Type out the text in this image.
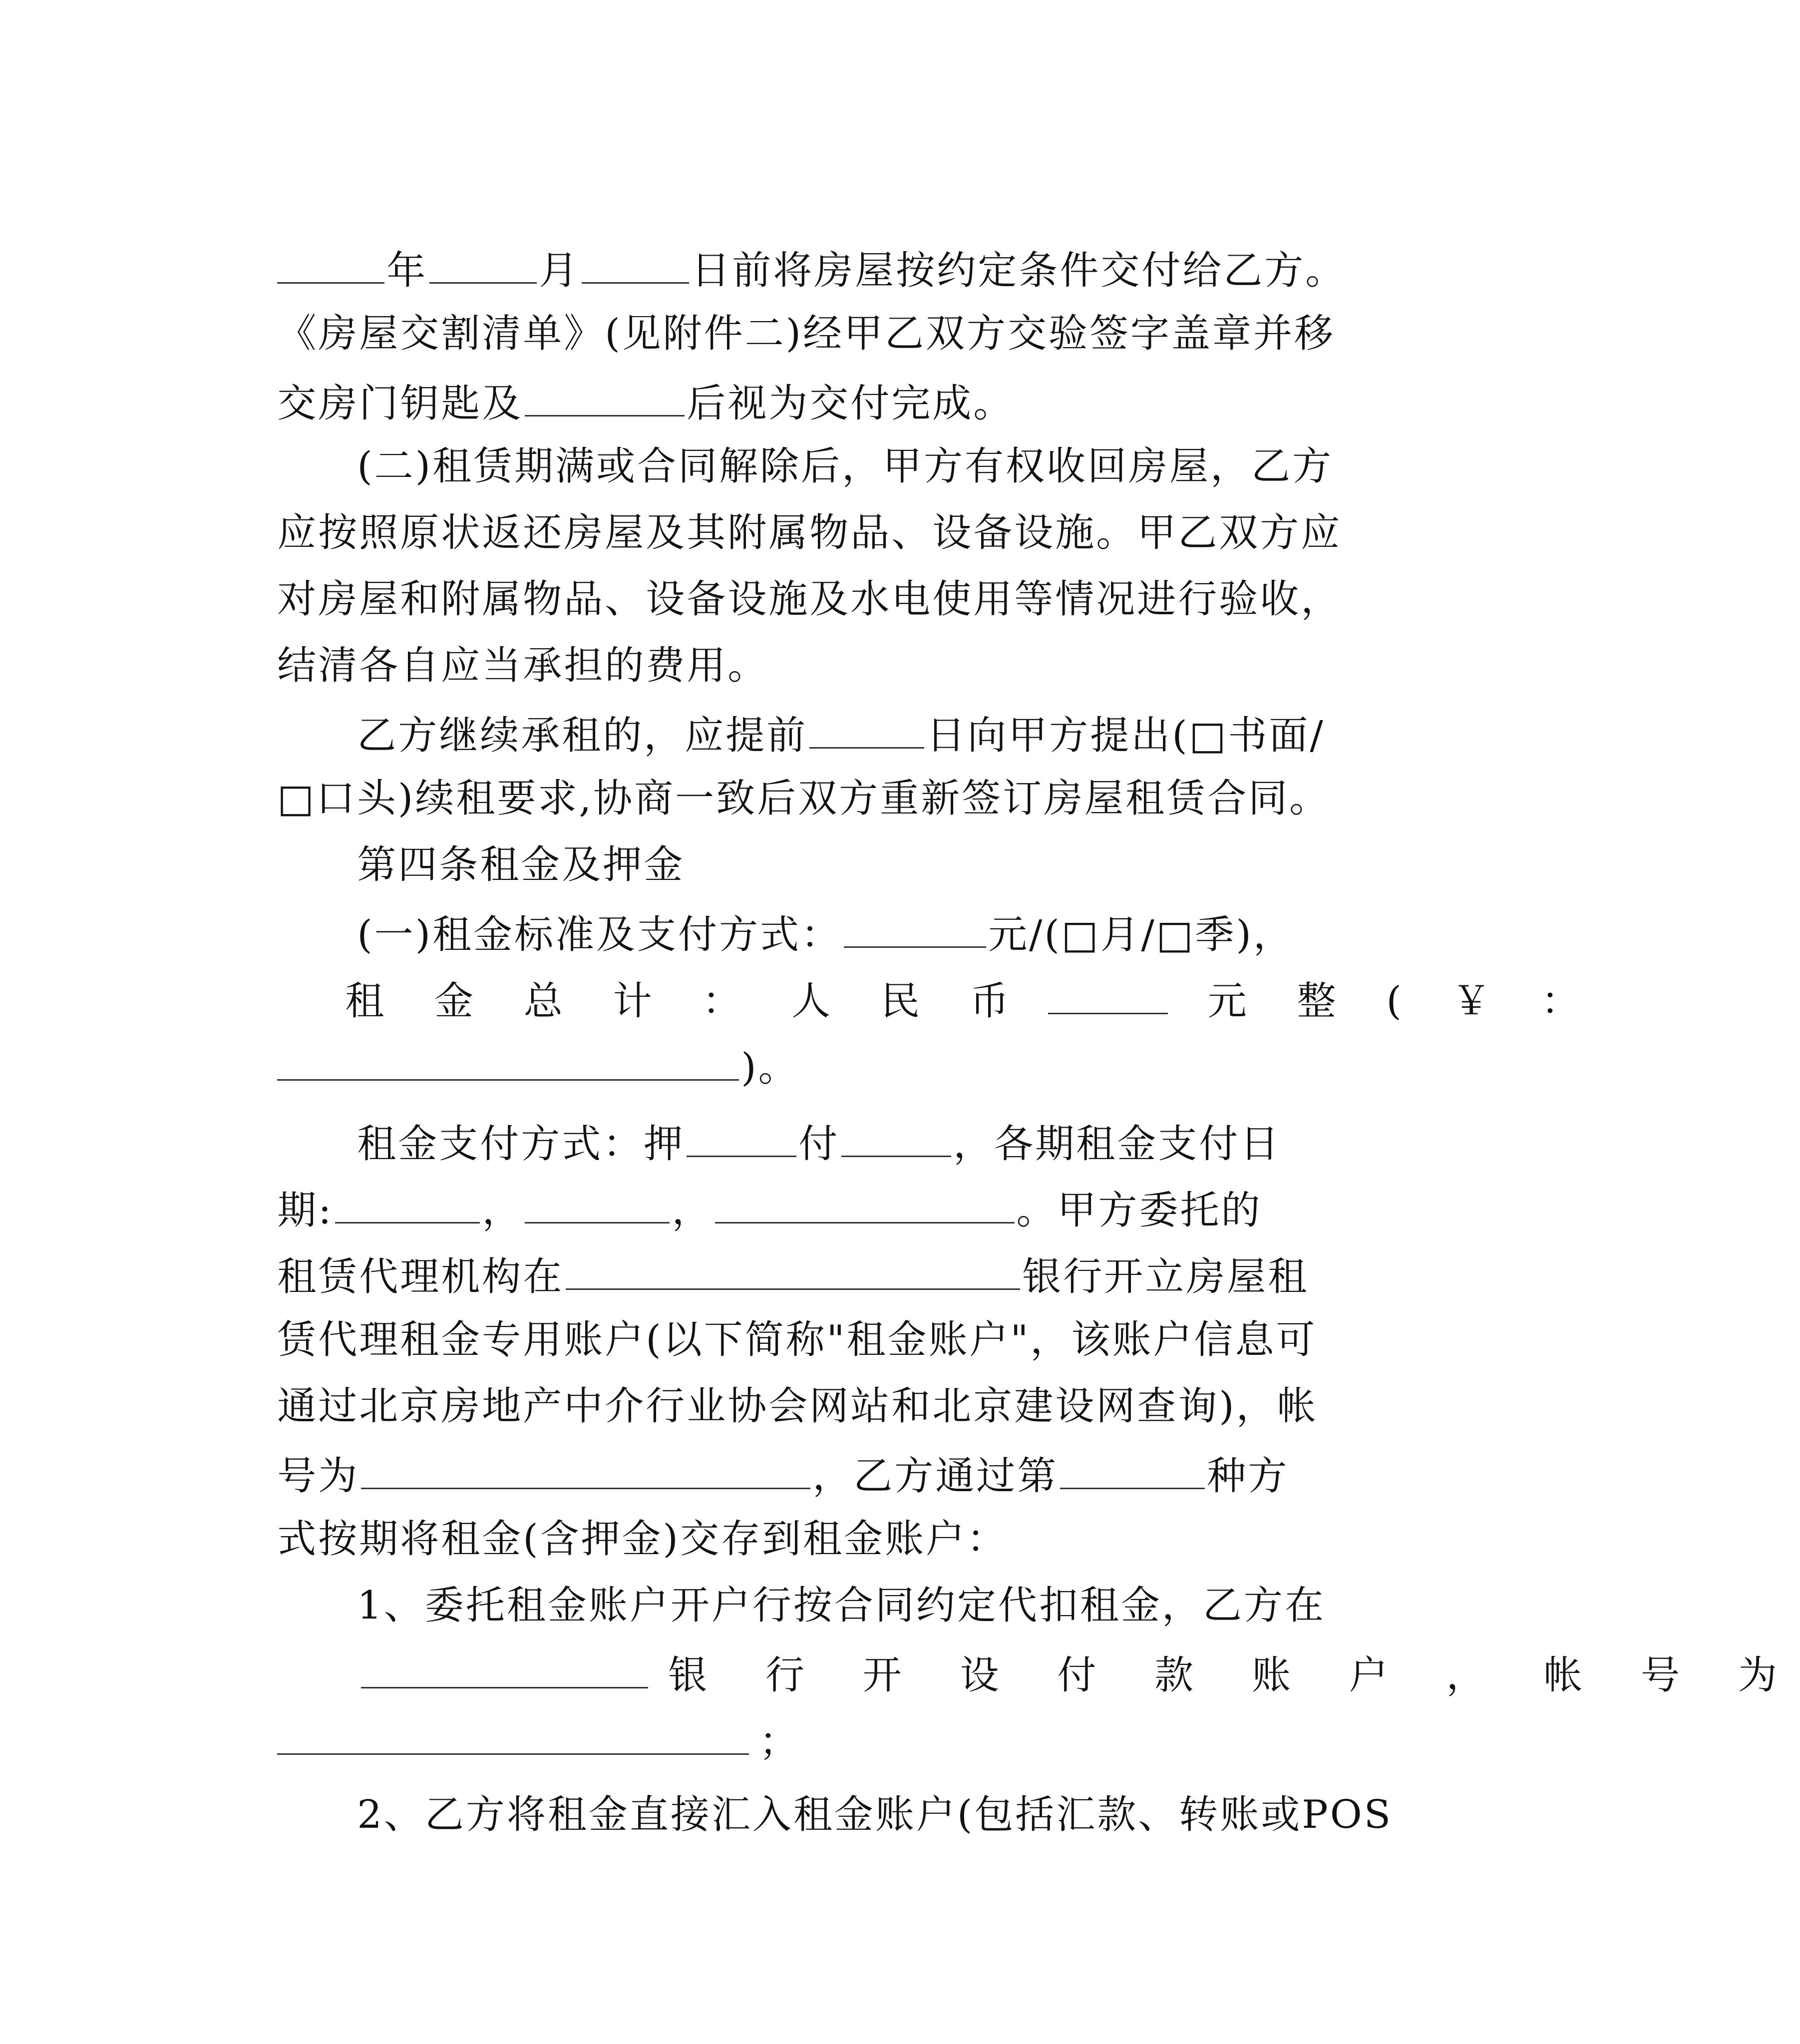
年	月	日前将房屋按约定条件交付给乙方。

《房屋交割清单》(见附件二)经甲乙双方交验签字盖章并移

交房门钥匙及	后视为交付完成。

(二)租赁期满或合同解除后，甲方有权收回房屋，乙方

应按照原状返还房屋及其附属物品、设备设施。甲乙双方应

对房屋和附属物品、设备设施及水电使用等情况进行验收，

结清各自应当承担的费用。

乙方继续承租的，应提前	日向甲方提出(□书面/

□口头)续租要求,协商一致后双方重新签订房屋租赁合同。

第四条租金及押金

(一)租金标准及支付方式：	元/(□月/□季)，

租 金 总 计 ： 人 民 币	元 整 ( ￥ ：

)。

租金支付方式：押	付	，各期租金支付日

期:	，	，	。甲方委托的

租赁代理机构在	银行开立房屋租

赁代理租金专用账户(以下简称"租金账户"，该账户信息可

通过北京房地产中介行业协会网站和北京建设网查询)，帐

号为	，乙方通过第	种方

式按期将租金(含押金)交存到租金账户：

1、委托租金账户开户行按合同约定代扣租金，乙方在

银 行 开 设 付 款 账 户 ， 帐 号 为

；

2、乙方将租金直接汇入租金账户(包括汇款、转账或POS
